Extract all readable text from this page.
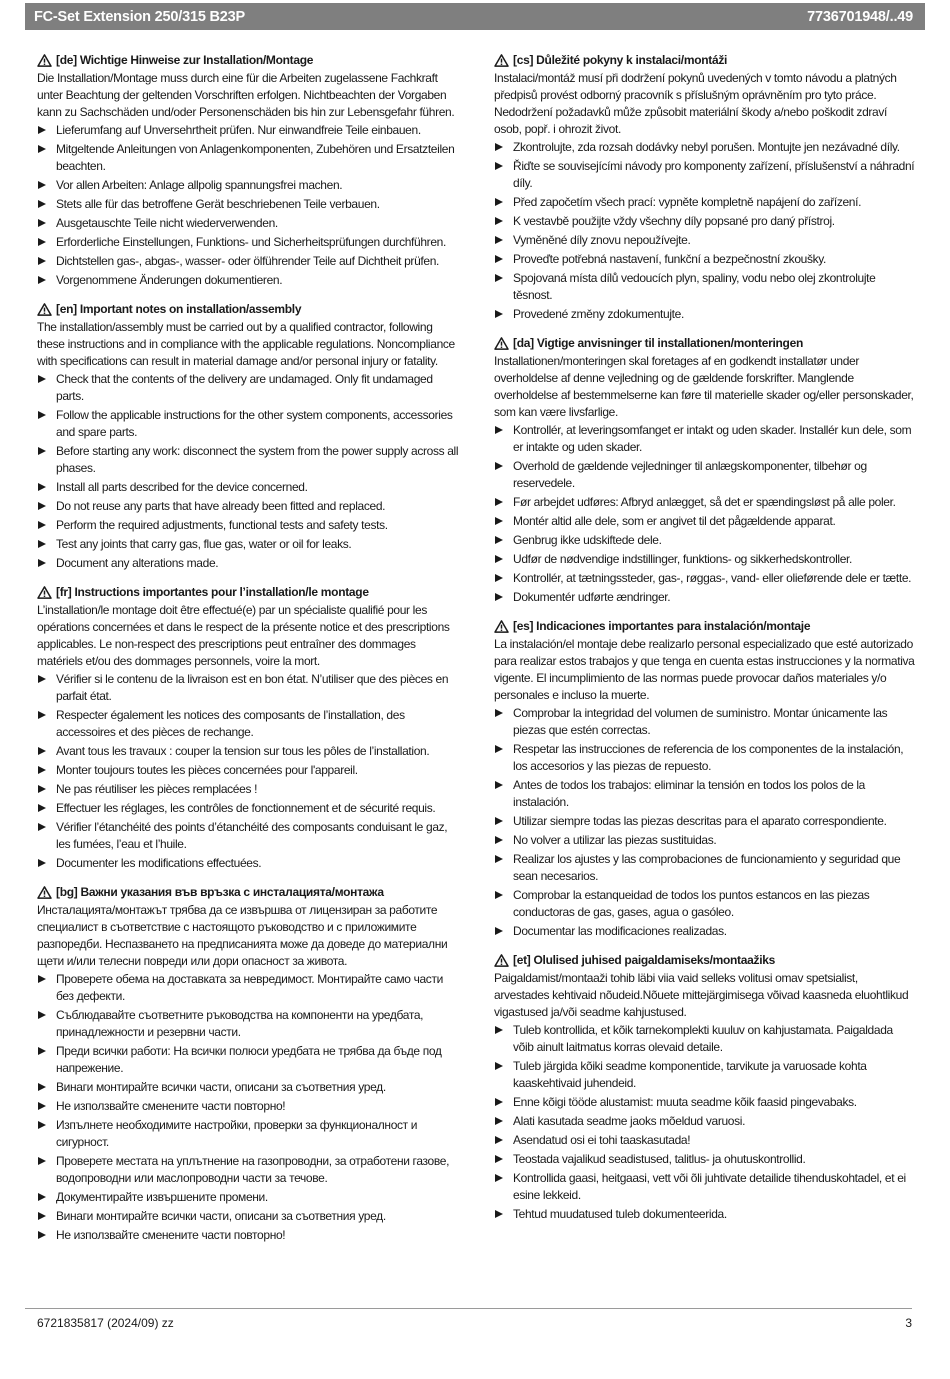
FC-Set Extension 250/315 B23P	7736701948/..49
[de] Wichtige Hinweise zur Installation/Montage

Die Installation/Montage muss durch eine für die Arbeiten zugelassene Fachkraft unter Beachtung der geltenden Vorschriften erfolgen. Nichtbeachten der Vorgaben kann zu Sachschäden und/oder Personenschäden bis hin zur Lebensgefahr führen.

Lieferumfang auf Unversehrtheit prüfen. Nur einwandfreie Teile einbauen.
Mitgeltende Anleitungen von Anlagenkomponenten, Zubehören und Ersatzteilen beachten.
Vor allen Arbeiten: Anlage allpolig spannungsfrei machen.
Stets alle für das betroffene Gerät beschriebenen Teile verbauen.
Ausgetauschte Teile nicht wiederverwenden.
Erforderliche Einstellungen, Funktions- und Sicherheitsprüfungen durchführen.
Dichtstellen gas-, abgas-, wasser- oder ölführender Teile auf Dichtheit prüfen.
Vorgenommene Änderungen dokumentieren.
[en] Important notes on installation/assembly

The installation/assembly must be carried out by a qualified contractor, following these instructions and in compliance with the applicable regulations. Noncompliance with specifications can result in material damage and/or personal injury or fatality.

Check that the contents of the delivery are undamaged. Only fit undamaged parts.
Follow the applicable instructions for the other system components, accessories and spare parts.
Before starting any work: disconnect the system from the power supply across all phases.
Install all parts described for the device concerned.
Do not reuse any parts that have already been fitted and replaced.
Perform the required adjustments, functional tests and safety tests.
Test any joints that carry gas, flue gas, water or oil for leaks.
Document any alterations made.
[fr] Instructions importantes pour l’installation/le montage

L’installation/le montage doit être effectué(e) par un spécialiste qualifié pour les opérations concernées et dans le respect de la présente notice et des prescriptions applicables. Le non-respect des prescriptions peut entraîner des dommages matériels et/ou des dommages personnels, voire la mort.

Vérifier si le contenu de la livraison est en bon état. N’utiliser que des pièces en parfait état.
Respecter également les notices des composants de l’installation, des accessoires et des pièces de rechange.
Avant tous les travaux : couper la tension sur tous les pôles de l’installation.
Monter toujours toutes les pièces concernées pour l'appareil.
Ne pas réutiliser les pièces remplacées !
Effectuer les réglages, les contrôles de fonctionnement et de sécurité requis.
Vérifier l’étanchéité des points d’étanchéité des composants conduisant le gaz, les fumées, l’eau et l’huile.
Documenter les modifications effectuées.
[bg] Важни указания във връзка с инсталацията/монтажа

Инсталацията/монтажът трябва да се извършва от лицензиран за работите специалист в съответствие с настоящото ръководство и с приложимите разпоредби. Неспазването на предписанията може да доведе до материални щети и/или телесни повреди или дори опасност за живота.

Проверете обема на доставката за невредимост. Монтирайте само части без дефекти.
Съблюдавайте съответните ръководства на компоненти на уредбата, принадлежности и резервни части.
Преди всички работи: На всички полюси уредбата не трябва да бъде под напрежение.
Винаги монтирайте всички части, описани за съответния уред.
Не използвайте сменените части повторно!
Изпълнете необходимите настройки, проверки за функционалност и сигурност.
Проверете местата на уплътнение на газопроводни, за отработени газове, водопроводни или маслопроводни части за течове.
Документирайте извършените промени.
Винаги монтирайте всички части, описани за съответния уред.
Не използвайте сменените части повторно!
[cs] Důležité pokyny k instalaci/montáži

Instalaci/montáž musí při dodržení pokynů uvedených v tomto návodu a platných předpisů provést odborný pracovník s příslušným oprávněním pro tyto práce. Nedodržení požadavků může způsobit materiální škody a/nebo poškodit zdraví osob, popř. i ohrozit život.

Zkontrolujte, zda rozsah dodávky nebyl porušen. Montujte jen nezávadné díly.
Řiďte se souvisejícími návody pro komponenty zařízení, příslušenství a náhradní díly.
Před započetím všech prací: vypněte kompletně napájení do zařízení.
K vestavbě použijte vždy všechny díly popsané pro daný přístroj.
Vyměněné díly znovu nepoužívejte.
Proveďte potřebná nastavení, funkční a bezpečnostní zkoušky.
Spojovaná místa dílů vedoucích plyn, spaliny, vodu nebo olej zkontrolujte těsnost.
Provedené změny zdokumentujte.
[da] Vigtige anvisninger til installationen/monteringen

Installationen/monteringen skal foretages af en godkendt installatør under overholdelse af denne vejledning og de gældende forskrifter. Manglende overholdelse af bestemmelserne kan føre til materielle skader og/eller personskader, som kan være livsfarlige.

Kontrollér, at leveringsomfanget er intakt og uden skader. Installér kun dele, som er intakte og uden skader.
Overhold de gældende vejledninger til anlægskomponenter, tilbehør og reservedele.
Før arbejdet udføres: Afbryd anlægget, så det er spændingsløst på alle poler.
Montér altid alle dele, som er angivet til det pågældende apparat.
Genbrug ikke udskiftede dele.
Udfør de nødvendige indstillinger, funktions- og sikkerhedskontroller.
Kontrollér, at tætningssteder, gas-, røggas-, vand- eller olieførende dele er tætte.
Dokumentér udførte ændringer.
[es] Indicaciones importantes para instalación/montaje

La instalación/el montaje debe realizarlo personal especializado que esté autorizado para realizar estos trabajos y que tenga en cuenta estas instrucciones y la normativa vigente. El incumplimiento de las normas puede provocar daños materiales y/o personales e incluso la muerte.

Comprobar la integridad del volumen de suministro. Montar únicamente las piezas que estén correctas.
Respetar las instrucciones de referencia de los componentes de la instalación, los accesorios y las piezas de repuesto.
Antes de todos los trabajos: eliminar la tensión en todos los polos de la instalación.
Utilizar siempre todas las piezas descritas para el aparato correspondiente.
No volver a utilizar las piezas sustituidas.
Realizar los ajustes y las comprobaciones de funcionamiento y seguridad que sean necesarios.
Comprobar la estanqueidad de todos los puntos estancos en las piezas conductoras de gas, gases, agua o gasóleo.
Documentar las modificaciones realizadas.
[et] Olulised juhised paigaldamiseks/montaažiks

Paigaldamist/montaaži tohib läbi viia vaid selleks volitusi omav spetsialist, arvestades kehtivaid nõudeid.Nõuete mittejärgimisega võivad kaasneda eluohtlikud vigastused ja/või seadme kahjustused.

Tuleb kontrollida, et kõik tarnekomplekti kuuluv on kahjustamata. Paigaldada võib ainult laitmatus korras olevaid detaile.
Tuleb järgida kõiki seadme komponentide, tarvikute ja varuosade kohta kaaskehtivaid juhendeid.
Enne kõigi tööde alustamist: muuta seadme kõik faasid pingevabaks.
Alati kasutada seadme jaoks mõeldud varuosi.
Asendatud osi ei tohi taaskasutada!
Teostada vajalikud seadistused, talitlus- ja ohutuskontrollid.
Kontrollida gaasi, heitgaasi, vett või õli juhtivate detailide tihenduskohtadel, et ei esine lekkeid.
Tehtud muudatused tuleb dokumenteerida.
6721835817 (2024/09) zz	3
